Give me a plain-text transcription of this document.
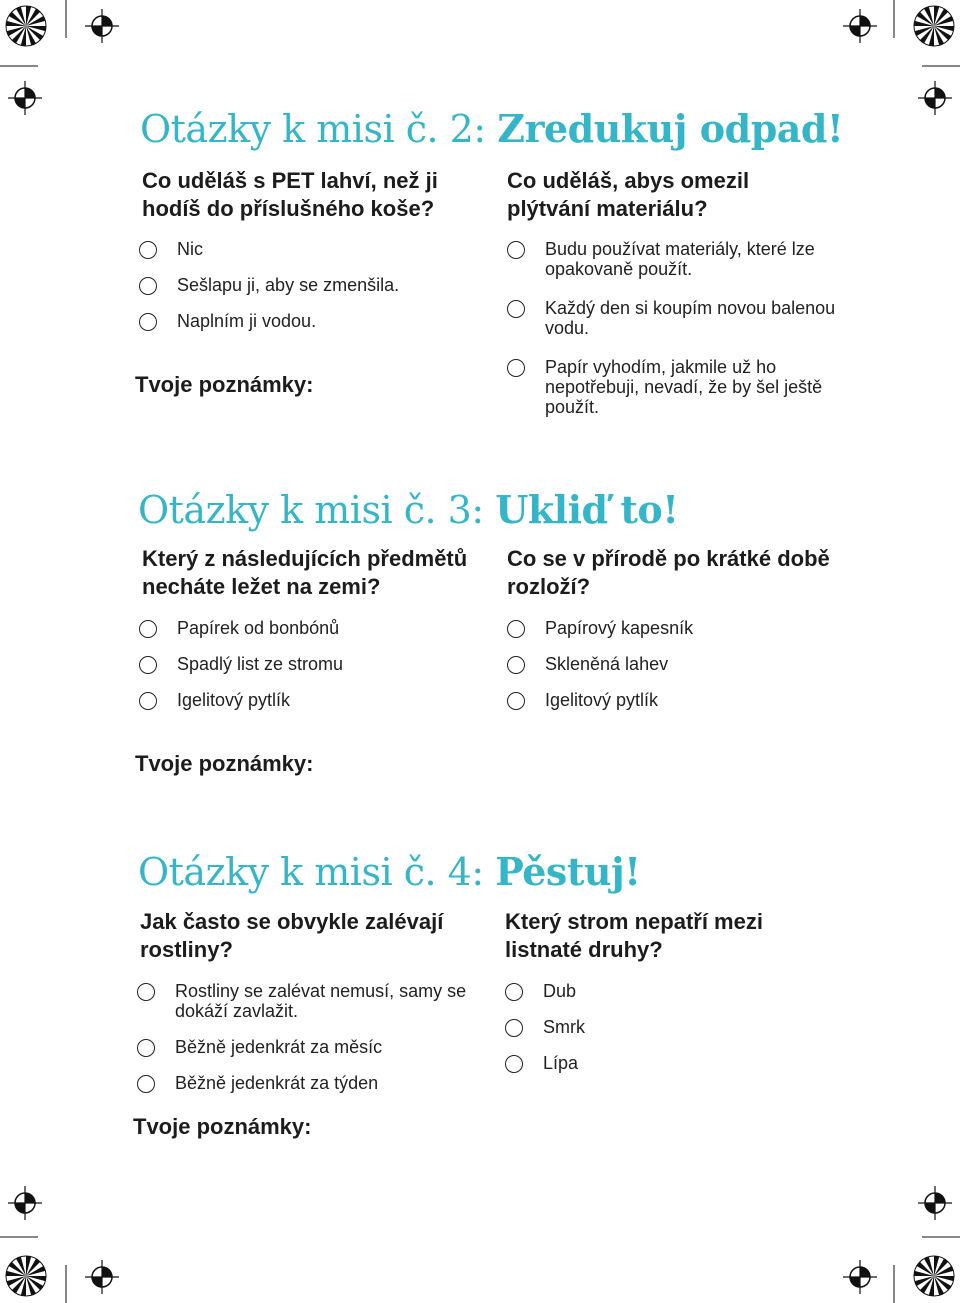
Otázky k misi č. 2: Zredukuj odpad!
Co uděláš s PET lahví, než ji hodíš do příslušného koše?
Nic
Sešlapu ji, aby se zmenšila.
Naplním ji vodou.
Co uděláš, abys omezil plýtvání materiálu?
Budu používat materiály, které lze opakovaně použít.
Každý den si koupím novou balenou vodu.
Papír vyhodím, jakmile už ho nepotřebuji, nevadí, že by šel ještě použít.

Tvoje poznámky:

Otázky k misi č. 3: Ukliď to!
Který z následujících předmětů necháte ležet na zemi?
Papírek od bonbónů
Spadlý list ze stromu
Igelitový pytlík
Co se v přírodě po krátké době rozloží?
Papírový kapesník
Skleněná lahev
Igelitový pytlík

Tvoje poznámky:

Otázky k misi č. 4: Pěstuj!
Jak často se obvykle zalévají rostliny?
Rostliny se zalévat nemusí, samy se dokáží zavlažit.
Běžně jedenkrát za měsíc
Běžně jedenkrát za týden
Který strom nepatří mezi listnaté druhy?
Dub
Smrk
Lípa

Tvoje poznámky:
